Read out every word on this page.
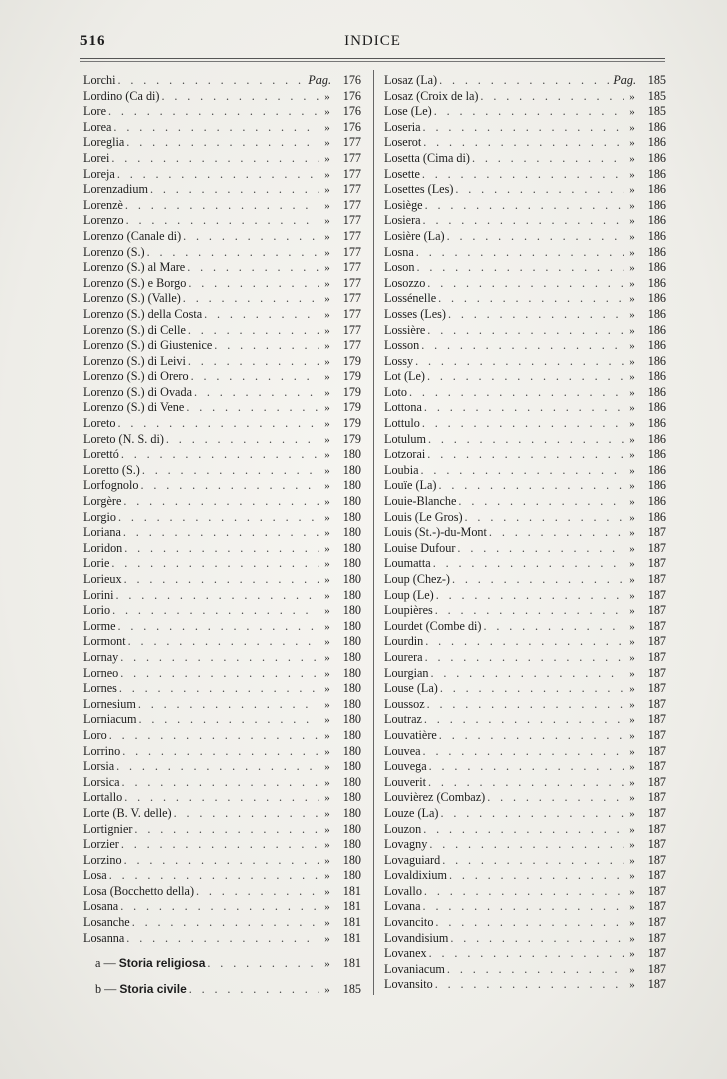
516	INDICE
Lorchi . . .	Pag. 176
Lordino (Ca di) . . .	»	176
Lore . . .	»	176
Lorea . . .	»	176
Loreglia . . .	»	177
Lorei . . .	»	177
Loreja . . .	»	177
Lorenzadium . . .	»	177
Lorenzè . . .	»	177
Lorenzo . . .	»	177
Lorenzo (Canale di) . . .	»	177
Lorenzo (S.) . . .	»	177
Lorenzo (S.) al Mare . . .	»	177
Lorenzo (S.) e Borgo . . .	»	177
Lorenzo (S.) (Valle) . . .	»	177
Lorenzo (S.) della Costa . . .	»	177
Lorenzo (S.) di Celle . . .	»	177
Lorenzo (S.) di Giustenice . . .	»	177
Lorenzo (S.) di Leivi . . .	»	179
Lorenzo (S.) di Orero . . .	»	179
Lorenzo (S.) di Ovada . . .	»	179
Lorenzo (S.) di Vene . . .	»	179
Loreto . . .	»	179
Loreto (N. S. di) . . .	»	179
Lorettó . . .	»	180
Loretto (S.) . . .	»	180
Lorfognolo . . .	»	180
Lorgère . . .	»	180
Lorgio . . .	»	180
Loriana . . .	»	180
Loridon . . .	»	180
Lorie . . .	»	180
Lorieux . . .	»	180
Lorini . . .	»	180
Lorio . . .	»	180
Lorme . . .	»	180
Lormont . . .	»	180
Lornay . . .	»	180
Lorneo . . .	»	180
Lornes . . .	»	180
Lornesium . . .	»	180
Lorniacum . . .	»	180
Loro . . .	»	180
Lorrino . . .	»	180
Lorsia . . .	»	180
Lorsica . . .	»	180
Lortallo . . .	»	180
Lorte (B. V. delle) . . .	»	180
Lortignier . . .	»	180
Lorzier . . .	»	180
Lorzino . . .	»	180
Losa . . .	»	180
Losa (Bocchetto della) . . .	»	181
Losana . . .	»	181
Losanche . . .	»	181
Losanna . . .	»	181
a — Storia religiosa . . .	»	181
b — Storia civile . . .	»	185
Losaz (La) . . .	Pag. 185
Losaz (Croix de la) . . .	»	185
Lose (Le) . . .	»	185
Loseria . . .	»	186
Loserot . . .	»	186
Losetta (Cima di) . . .	»	186
Losette . . .	»	186
Losettes (Les) . . .	»	186
Losiège . . .	»	186
Losiera . . .	»	186
Losière (La) . . .	»	186
Losna . . .	»	186
Loson . . .	»	186
Losozzo . . .	»	186
Lossénelle . . .	»	186
Losses (Les) . . .	»	186
Lossière . . .	»	186
Losson . . .	»	186
Lossy . . .	»	186
Lot (Le) . . .	»	186
Loto . . .	»	186
Lottona . . .	»	186
Lottulo . . .	»	186
Lotulum . . .	»	186
Lotzorai . . .	»	186
Loubia . . .	»	186
Louïe (La) . . .	»	186
Louie-Blanche . . .	»	186
Louis (Le Gros) . . .	»	186
Louis (St.-)-du-Mont . . .	»	187
Louise Dufour . . .	»	187
Loumatta . . .	»	187
Loup (Chez-) . . .	»	187
Loup (Le) . . .	»	187
Loupières . . .	»	187
Lourdet (Combe di) . . .	»	187
Lourdin . . .	»	187
Lourera . . .	»	187
Lourgian . . .	»	187
Louse (La) . . .	»	187
Loussoz . . .	»	187
Loutraz . . .	»	187
Louvatière . . .	»	187
Louvea . . .	»	187
Louvega . . .	»	187
Louverit . . .	»	187
Louvièrez (Combaz) . . .	»	187
Louze (La) . . .	»	187
Louzon . . .	»	187
Lovagny . . .	»	187
Lovaguiard . . .	»	187
Lovaldixium . . .	»	187
Lovallo . . .	»	187
Lovana . . .	»	187
Lovancito . . .	»	187
Lovandisium . . .	»	187
Lovanex . . .	»	187
Lovaniacum . . .	»	187
Lovansito . . .	»	187
